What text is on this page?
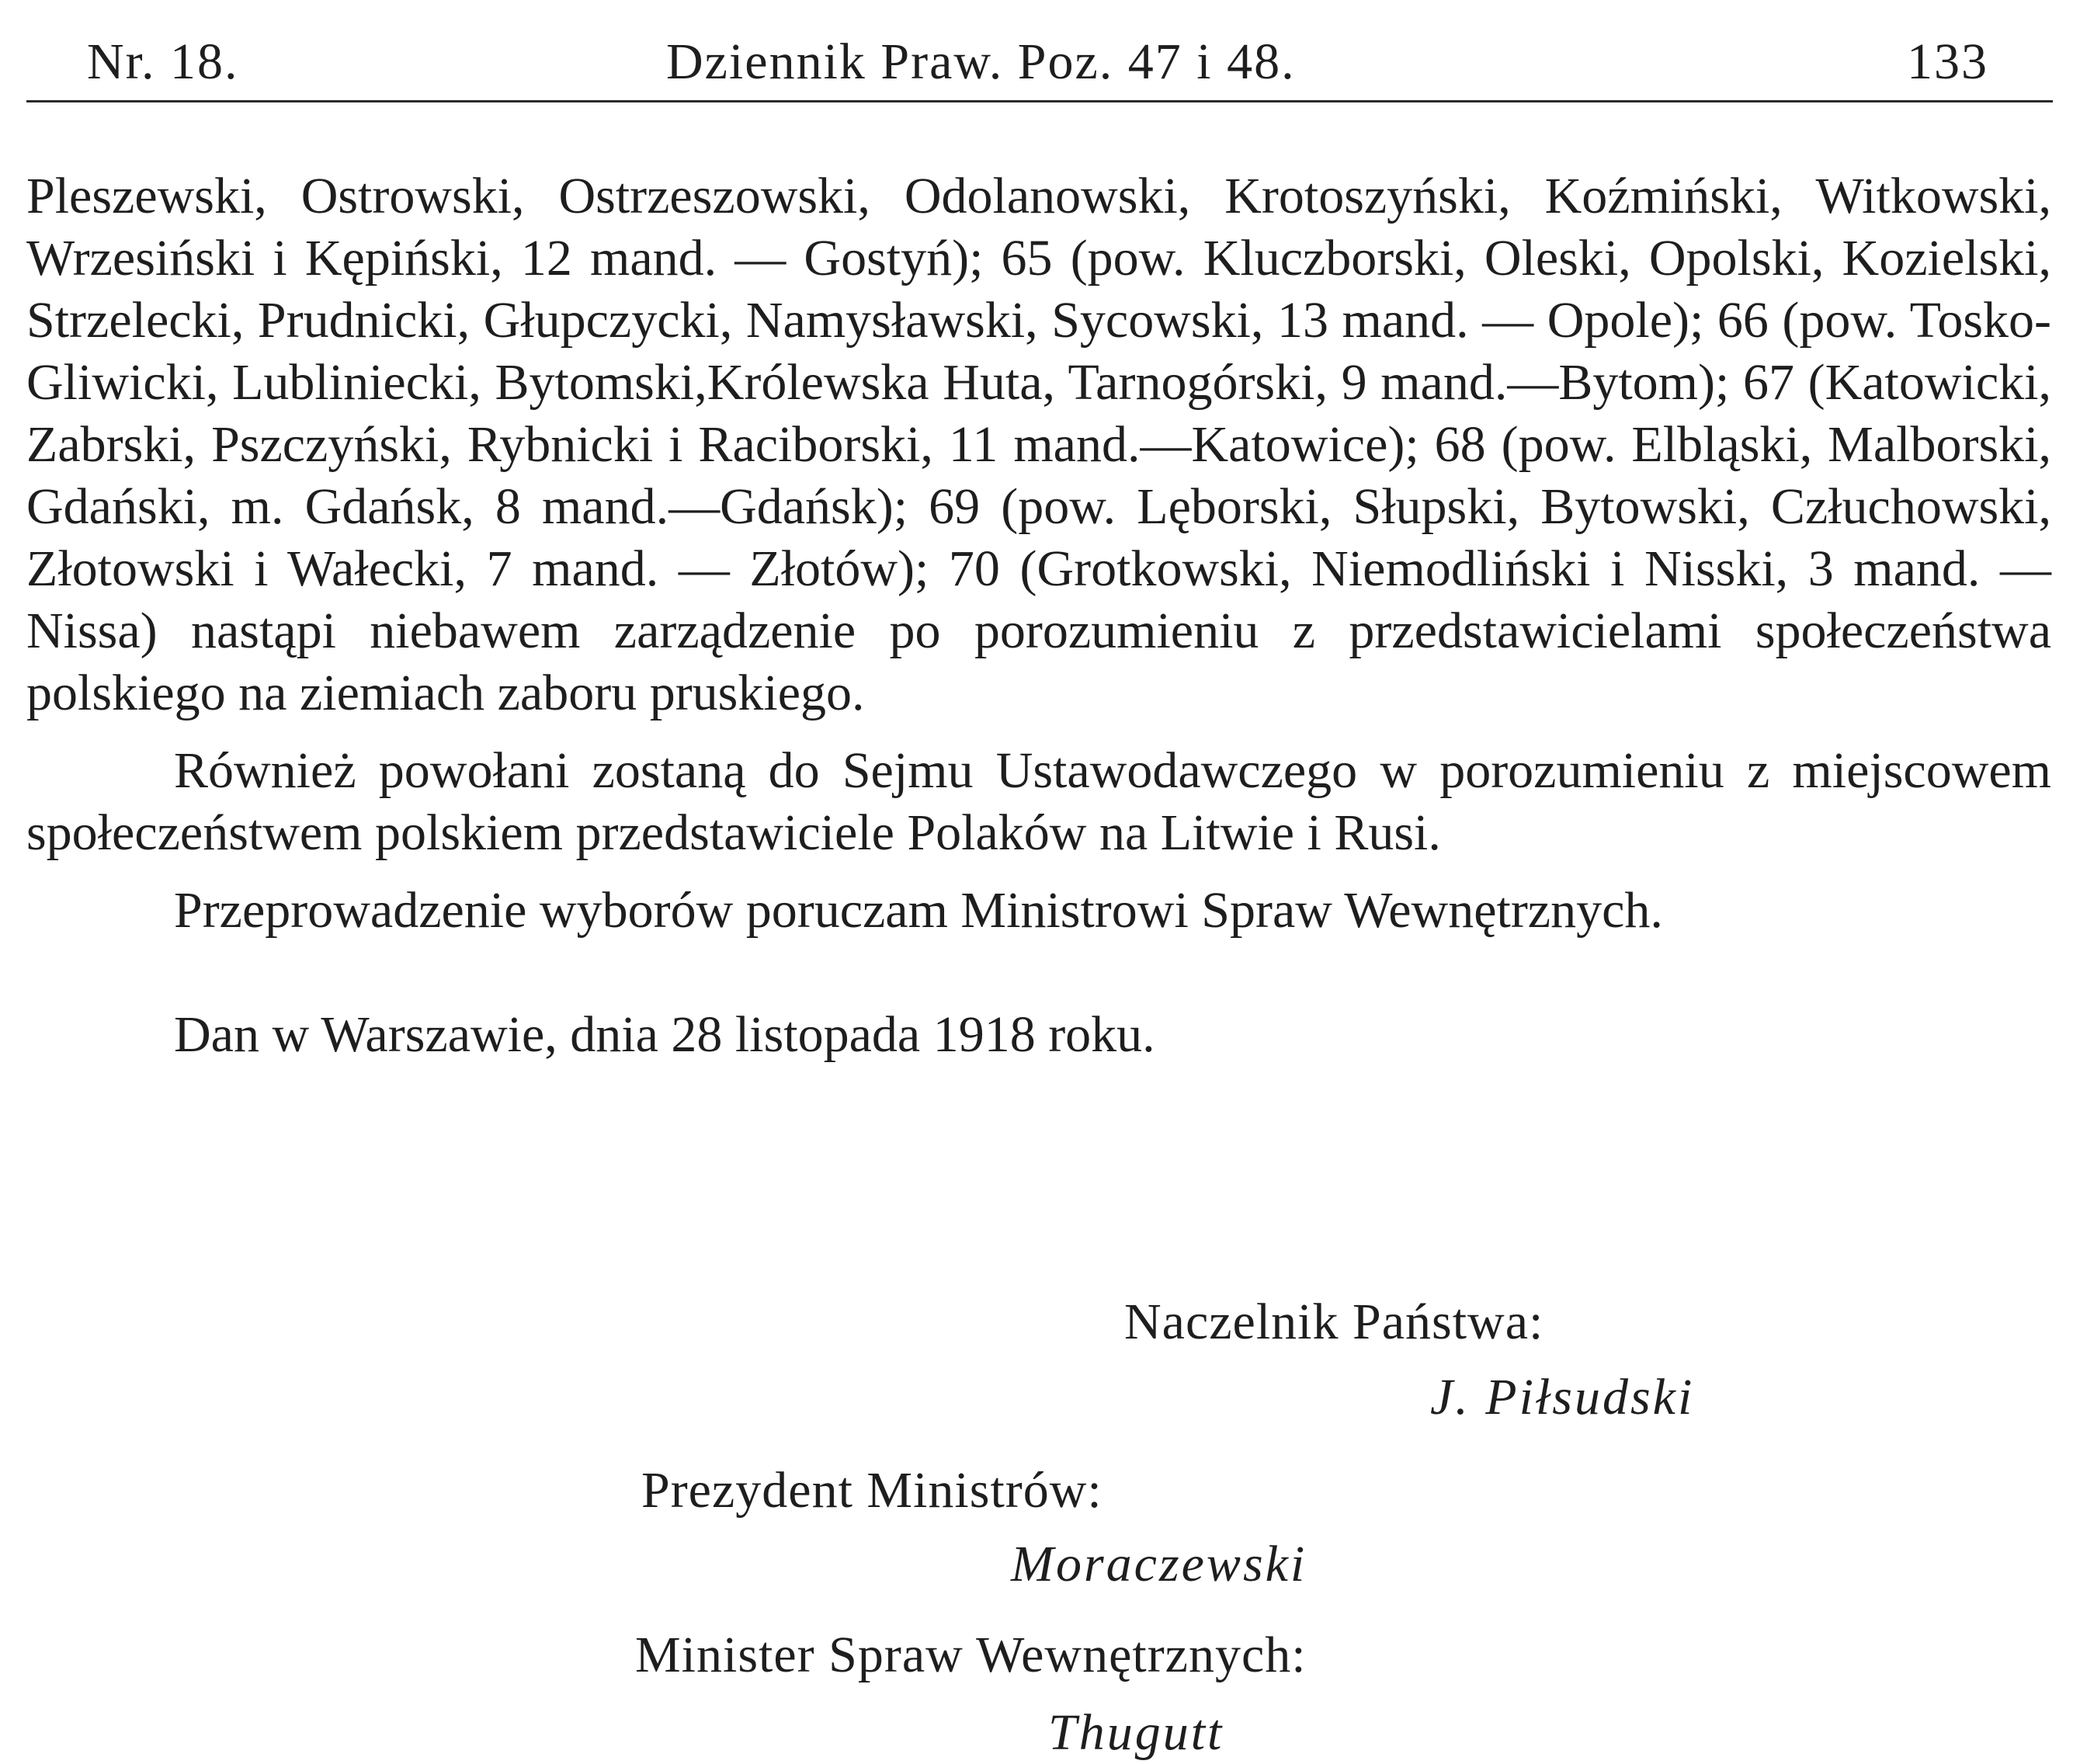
Nr. 18.	Dziennik Praw. Poz. 47 i 48.	133

Pleszewski, Ostrowski, Ostrzeszowski, Odolanowski, Krotoszyński, Koźmiński, Witkowski, Wrzesiński i Kępiński, 12 mand. — Gostyń); 65 (pow. Kluczborski, Oleski, Opolski, Kozielski, Strzelecki, Prudnicki, Głupczycki, Namysławski, Sycowski, 13 mand. — Opole); 66 (pow. Tosko-Gliwicki, Lubliniecki, Bytomski,Królewska Huta, Tarnogórski, 9 mand.—Bytom); 67 (Katowicki, Zabrski, Pszczyński, Rybnicki i Raciborski, 11 mand.—Katowice); 68 (pow. Elbląski, Malborski, Gdański, m. Gdańsk, 8 mand.—Gdańsk); 69 (pow. Lęborski, Słupski, Bytowski, Człuchowski, Złotowski i Wałecki, 7 mand. — Złotów); 70 (Grotkowski, Niemodliński i Nisski, 3 mand. — Nissa) nastąpi niebawem zarządzenie po porozumieniu z przedstawicielami społeczeństwa polskiego na ziemiach zaboru pruskiego.

Również powołani zostaną do Sejmu Ustawodawczego w porozumieniu z miejscowem społeczeństwem polskiem przedstawiciele Polaków na Litwie i Rusi.

Przeprowadzenie wyborów poruczam Ministrowi Spraw Wewnętrznych.

Dan w Warszawie, dnia 28 listopada 1918 roku.

Naczelnik Państwa:
J. Piłsudski
Prezydent Ministrów:
Moraczewski
Minister Spraw Wewnętrznych:
Thugutt
